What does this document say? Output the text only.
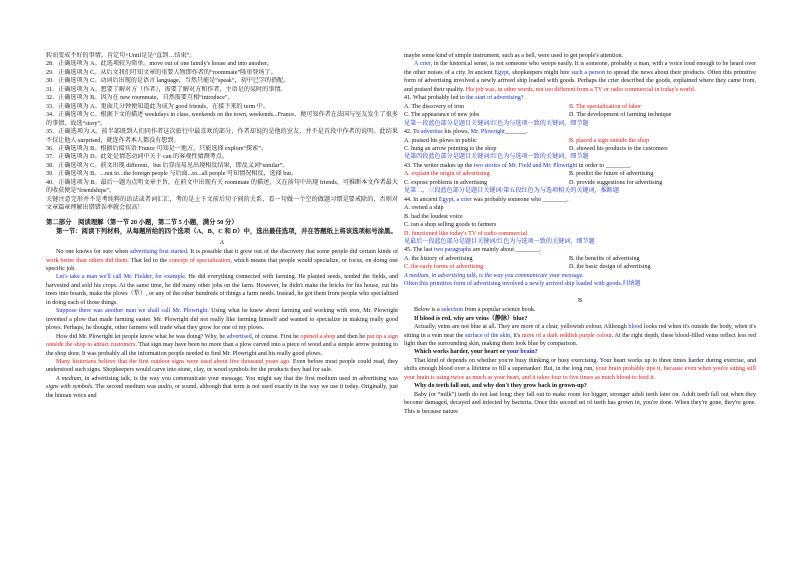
转而变成不好的事情。肯定句+Until是是“直到…结束”。

28．正确选项为 A。此选项较为简单。move out of one family's house and into another。

29．正确选项为 C。从后文我们可知文章的重要人物即作者的“roommate”隆重登场了。

30．正确选项为 C。动词后出现的是语言 language，当然只能是“speak”，初中已学的搭配。

31．正确选项为 A。想要了解对方（作者），需要了解对方和作者，主语是的某时的事情。

32．正确选项为 B。因为在 new roommate，自然需要互相“introduce”。

33．正确选项为 A。更面几分钟便知道此为成为 good friends，在接下来的 term 中。

34．正确选项为 C。根据下文的描述 weekdays in class, weekends on the town, weekends...France，便可知作者在法国与室友发生了很多的事情，故选“story”。

35．正确选项为 A。前半部既到人们同作者这次旅行中最喜欢的部分，作者却说的是他的室友，并不是首段中作者的说明。此结果不仅让他人 surprised，就连作者本人都没有想到。

36．正确选项为 B。根据后接宾语 France 可知是一地方，只能选择 explore“探索”。

37．正确选项为 D。此处是情态动词中关于 can 的客观性猜测考点。

38．正确选项为 C。前文出现 different，but 后显而易见出现相反结果，即反义词“similar”。

39．正确选项为 B。...not to...the foreign people 与后面...to...all people 可知情况相反，选择 but。

40．正确选项为 B。最后一题为点明文章主旨，在前文中出现有关 roommate 的描述，又在前句中出现 friends，可推断本文作者最大的收获便是“friendships”。

关键注意完形并不是考纯粹的语法或者词汇汇，考的是上下文前后句子间的关系，看一句做一个空的做题习惯是要戒除的，否则对文章篇章理解出错错误率就会很高！

第二部分　阅读理解（第一节 20 小题，第二节 5 小题，满分 50 分）

第一节：阅读下列材料，从每题所给的四个选项（A、B、C 和 D）中，选出最佳选项，并在答题纸上将该选项标号涂黑。

A

No one knows for sure when advertising first started. It is possible that it grew out of the discovery that some people did certain kinds of work better than others did them. That led to the concept of specialization, which means that people would specialize, or focus, on doing one specific job.

Let's take a man we'll call Mr. Fielder, for example. He did everything connected with farming. He planted seeds, tended the fields, and harvested and sold his crops. At the same time, he did many other jobs on the farm. However, he didn't make the bricks for his house, cut his trees into boards, make the plows（犁）, or any of the other hundreds of things a farm needs. Instead, he got them from people who specialized in doing each of those things.

Suppose there was another man we shall call Mr. Plowright. Using what he knew about farming and working with iron, Mr. Plowright invented a plow that made farming easier. Mr. Plowright did not really like farming himself and wanted to specialize in making really good plows. Perhaps, he thought, other farmers will trade what they grow for one of my plows.

How did Mr. Plowright let people know what he was doing? Why, he advertised, of course. First he opened a shop and then he put up a sign outside the shop to attract customers. That sign may have been no more than a plow carved into a piece of wood and a simple arrow pointing to the shop door. It was probably all the information people needed to find Mr. Plowright and his really good plows.

Many historians believe that the first outdoor signs were used about five thousand years ago. Even before most people could read, they understood such signs. Shopkeepers would carve into stone, clay, or wood symbols for the products they had for sale.

A medium, in advertising talk, is the way you communicate your message. You might say that the first medium used in advertising was signs with symbols. The second medium was audio, or sound, although that term is not used exactly in the way we use it today. Originally, just the human voice and

maybe some kind of simple instrument, such as a bell, were used to get people's attention.

A crier, in the historical sense, is not someone who weeps easily. It is someone, probably a man, with a voice loud enough to be heard over the other noises of a city. In ancient Egypt, shopkeepers might hire such a person to spread the news about their products. Often this primitive form of advertising involved a newly arrived ship loaded with goods. Perhaps the crier described the goods, explained where they came from, and praised their quality. His job was, in other words, not too different from a TV or radio commercial in today's world.

41. What probably led to the start of advertising?

A. The discovery of iron	B. The specialization of labor
C. The appearance of new jobs	D. The development of farming technique

见第一段蓝色部分是题目关键词/红色为与选项一致的关键词，细节题

42. To advertise his plows, Mr. Plowright_______.

A. praised his plows in public	B. placed a sign outside the shop
C. hung an arrow pointing to the shop	D. showed his products to the customers

见第四段蓝色部分是题目关键词/红色为与选项一致的关键词，细节题

43. The writer makes up the two stories of Mr. Field and Mr. Plowright in order to ________.

A. explain the origin of advertising	B. predict the future of advertising
C. expose problems in advertising	D. provide suggestions for advertising

见第二、三段蓝色部分是题目关键词/第五段红色为与选项相关的关键词，推断题

44. In ancient Egypt, a crier was probably someone who ________.

A. owned a ship

B. had the loudest voice

C. ran a shop selling goods to farmers

D. functioned like today's TV of radio commercial

见最后一段蓝色部分是题目关键词/红色为与选项一致的关键词，细节题

45. The last two paragraphs are mainly about ________.

A. the history of advertising	B. the benefits of advertising
C. the early forms of advertising	D. the basic design of advertising

A medium, in advertising talk, is the way you communicate your message.

Often this primitive form of advertising involved a newly arrived ship loaded with goods.归纳题

B

Below is a selection from a popular science book.

If blood is red, why are veins（静脉）blue?

Actually, veins are not blue at all. They are more of a clear, yellowish colour. Although blood looks red when it's outside the body, when it's sitting in a vein near the surface of the skin, it's more of a dark reddish purple colour. At the right depth, these blood-filled veins reflect less red light than the surrounding skin, making them look blue by comparison.

Which works harder, your heart or your brain?

That kind of depends on whether you're busy thinking or busy exercising. Your heart works up to three times harder during exercise, and shifts enough blood over a lifetime to fill a supertanker. But, in the long run, your brain probably tips it, because even when you're sitting still your brain is using twice as much as your heart, and it takes four to five times as much blood to feed it.

Why do teeth fall out, and why don't they grow back in grown-up?

Baby (or “milk”) teeth do not last long; they fall out to make room for bigger, stronger adult teeth later on. Adult teeth fall out when they become damaged, decayed and infected by bacteria. Once this second set of teeth has grown in, you're done. When they're gone, they're gone. This is because nature
